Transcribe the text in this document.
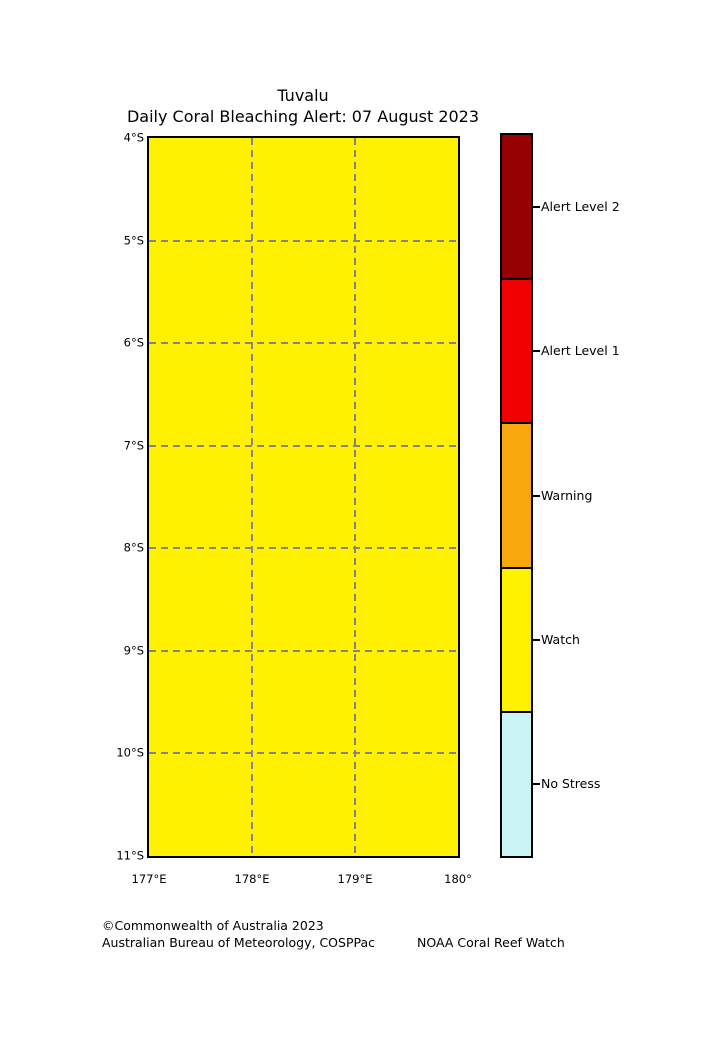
Tuvalu
Daily Coral Bleaching Alert: 07 August 2023
4°S
5°S
6°S
7°S
8°S
9°S
10°S
11°S
177°E	178°E	179°E	180°
Alert Level 2
Alert Level 1
Warning
Watch
No Stress
©Commonwealth of Australia 2023
Australian Bureau of Meteorology, COSPPac	NOAA Coral Reef Watch
